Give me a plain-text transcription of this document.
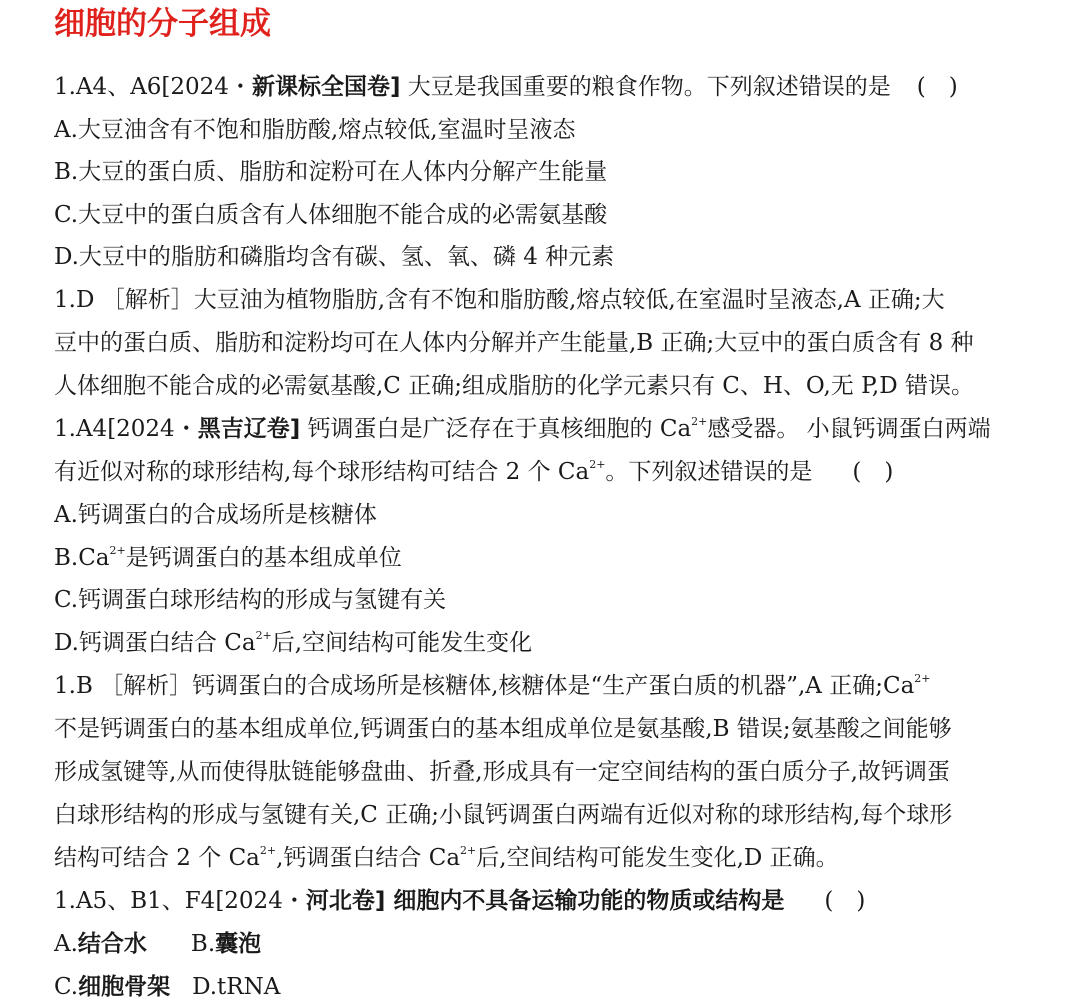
细胞的分子组成
1.A4、A6[2024・新课标全国卷] 大豆是我国重要的粮食作物。下列叙述错误的是 (　)
A.大豆油含有不饱和脂肪酸,熔点较低,室温时呈液态
B.大豆的蛋白质、脂肪和淀粉可在人体内分解产生能量
C.大豆中的蛋白质含有人体细胞不能合成的必需氨基酸
D.大豆中的脂肪和磷脂均含有碳、氢、氧、磷 4 种元素
1.D ［解析］大豆油为植物脂肪,含有不饱和脂肪酸,熔点较低,在室温时呈液态,A 正确;大
豆中的蛋白质、脂肪和淀粉均可在人体内分解并产生能量,B 正确;大豆中的蛋白质含有 8 种
人体细胞不能合成的必需氨基酸,C 正确;组成脂肪的化学元素只有 C、H、O,无 P,D 错误。
1.A4[2024・黑吉辽卷] 钙调蛋白是广泛存在于真核细胞的 $Ca^{2+}$感受器。 小鼠钙调蛋白两端
有近似对称的球形结构,每个球形结构可结合 2 个 $Ca^{2+}$。下列叙述错误的是 (　)
A.钙调蛋白的合成场所是核糖体
$B.Ca^{2+}$是钙调蛋白的基本组成单位
C.钙调蛋白球形结构的形成与氢键有关
D.钙调蛋白结合 $Ca^{2+}$后,空间结构可能发生变化
1.B ［解析］钙调蛋白的合成场所是核糖体,核糖体是“生产蛋白质的机器”,A 正确$;Ca^{2+}$
不是钙调蛋白的基本组成单位,钙调蛋白的基本组成单位是氨基酸,B 错误;氨基酸之间能够
形成氢键等,从而使得肽链能够盘曲、折叠,形成具有一定空间结构的蛋白质分子,故钙调蛋
白球形结构的形成与氢键有关,C 正确;小鼠钙调蛋白两端有近似对称的球形结构,每个球形
结构可结合 2 个 $Ca^{2+}$,钙调蛋白结合 $Ca^{2+}$后,空间结构可能发生变化,D 正确。
1.A5、B1、F4[2024・河北卷] 细胞内不具备运输功能的物质或结构是 (　)
A.结合水 B.囊泡
C.细胞骨架 D.tRNA
